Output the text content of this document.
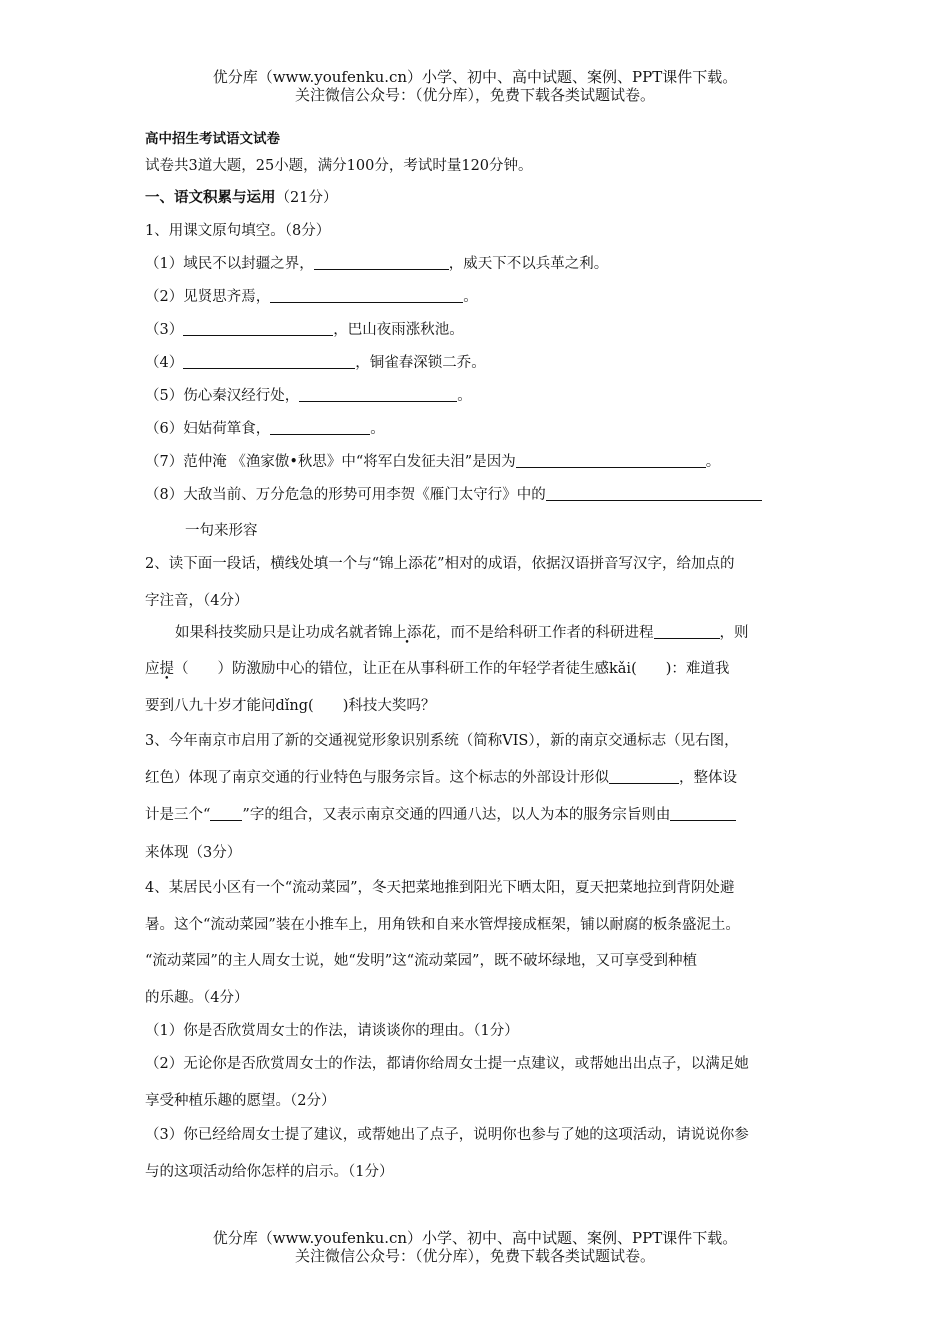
优分库（www.youfenku.cn）小学、初中、高中试题、案例、PPT课件下载。
关注微信公众号：（优分库），免费下载各类试题试卷。
高中招生考试语文试卷
试卷共3道大题，25小题，满分100分，考试时量120分钟。
一、语文积累与运用（21分）
1、用课文原句填空。（8分）
（1）域民不以封疆之界，	，威天下不以兵革之利。
（2）见贤思齐焉，	。
（3）	，巴山夜雨涨秋池。
（4）	，铜雀春深锁二乔。
（5）伤心秦汉经行处，	。
（6）妇姑荷箪食，	。
（7）范仲淹 《渔家傲•秋思》中“将军白发征夫泪”是因为	。
（8）大敌当前、万分危急的形势可用李贺《雁门太守行》中的
一句来形容
2、读下面一段话，横线处填一个与“锦上添花”相对的成语，依据汉语拼音写汉字，给加点的
字注音，（4分）
如果科技奖励只是让功成名就者锦上添花，而不是给科研工作者的科研进程	，则
应提（　　）防激励中心的错位，让正在从事科研工作的年轻学者徒生感kǎi(　　)：难道我
要到八九十岁才能问dǐng(　　)科技大奖吗？
3、今年南京市启用了新的交通视觉形象识别系统（简称VIS），新的南京交通标志（见右图，
红色）体现了南京交通的行业特色与服务宗旨。这个标志的外部设计形似	，整体设
计是三个“ ”字的组合，又表示南京交通的四通八达，以人为本的服务宗旨则由
来体现（3分）
4、某居民小区有一个“流动菜园”，冬天把菜地推到阳光下晒太阳，夏天把菜地拉到背阴处避
暑。这个“流动菜园”装在小推车上，用角铁和自来水管焊接成框架，铺以耐腐的板条盛泥土。
“流动菜园”的主人周女士说，她“发明”这“流动菜园”，既不破坏绿地，又可享受到种植
的乐趣。（4分）
（1）你是否欣赏周女士的作法，请谈谈你的理由。（1分）
（2）无论你是否欣赏周女士的作法，都请你给周女士提一点建议，或帮她出出点子，以满足她
享受种植乐趣的愿望。（2分）
（3）你已经给周女士提了建议，或帮她出了点子，说明你也参与了她的这项活动，请说说你参
与的这项活动给你怎样的启示。（1分）
优分库（www.youfenku.cn）小学、初中、高中试题、案例、PPT课件下载。
关注微信公众号：（优分库），免费下载各类试题试卷。
